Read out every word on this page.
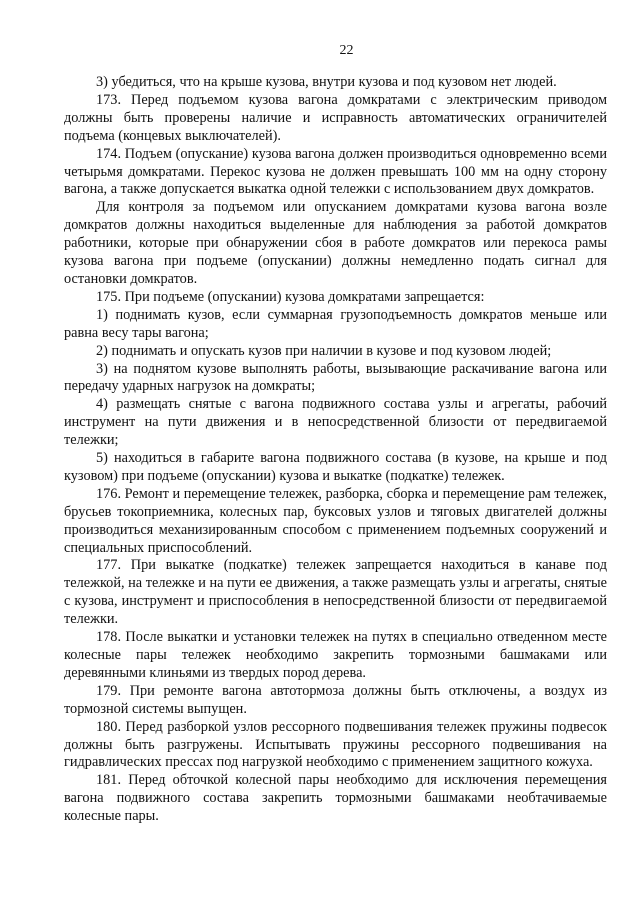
22

3) убедиться, что на крыше кузова, внутри кузова и под кузовом нет людей.

173. Перед подъемом кузова вагона домкратами с электрическим приводом должны быть проверены наличие и исправность автоматических ограничителей подъема (концевых выключателей).

174. Подъем (опускание) кузова вагона должен производиться одновременно всеми четырьмя домкратами. Перекос кузова не должен превышать 100 мм на одну сторону вагона, а также допускается выкатка одной тележки с использованием двух домкратов.

Для контроля за подъемом или опусканием домкратами кузова вагона возле домкратов должны находиться выделенные для наблюдения за работой домкратов работники, которые при обнаружении сбоя в работе домкратов или перекоса рамы кузова вагона при подъеме (опускании) должны немедленно подать сигнал для остановки домкратов.

175. При подъеме (опускании) кузова домкратами запрещается:

1) поднимать кузов, если суммарная грузоподъемность домкратов меньше или равна весу тары вагона;

2) поднимать и опускать кузов при наличии в кузове и под кузовом людей;

3) на поднятом кузове выполнять работы, вызывающие раскачивание вагона или передачу ударных нагрузок на домкраты;

4) размещать снятые с вагона подвижного состава узлы и агрегаты, рабочий инструмент на пути движения и в непосредственной близости от передвигаемой тележки;

5) находиться в габарите вагона подвижного состава (в кузове, на крыше и под кузовом) при подъеме (опускании) кузова и выкатке (подкатке) тележек.

176. Ремонт и перемещение тележек, разборка, сборка и перемещение рам тележек, брусьев токоприемника, колесных пар, буксовых узлов и тяговых двигателей должны производиться механизированным способом с применением подъемных сооружений и специальных приспособлений.

177. При выкатке (подкатке) тележек запрещается находиться в канаве под тележкой, на тележке и на пути ее движения, а также размещать узлы и агрегаты, снятые с кузова, инструмент и приспособления в непосредственной близости от передвигаемой тележки.

178. После выкатки и установки тележек на путях в специально отведенном месте колесные пары тележек необходимо закрепить тормозными башмаками или деревянными клиньями из твердых пород дерева.

179. При ремонте вагона автотормоза должны быть отключены, а воздух из тормозной системы выпущен.

180. Перед разборкой узлов рессорного подвешивания тележек пружины подвесок должны быть разгружены. Испытывать пружины рессорного подвешивания на гидравлических прессах под нагрузкой необходимо с применением защитного кожуха.

181. Перед обточкой колесной пары необходимо для исключения перемещения вагона подвижного состава закрепить тормозными башмаками необтачиваемые колесные пары.
